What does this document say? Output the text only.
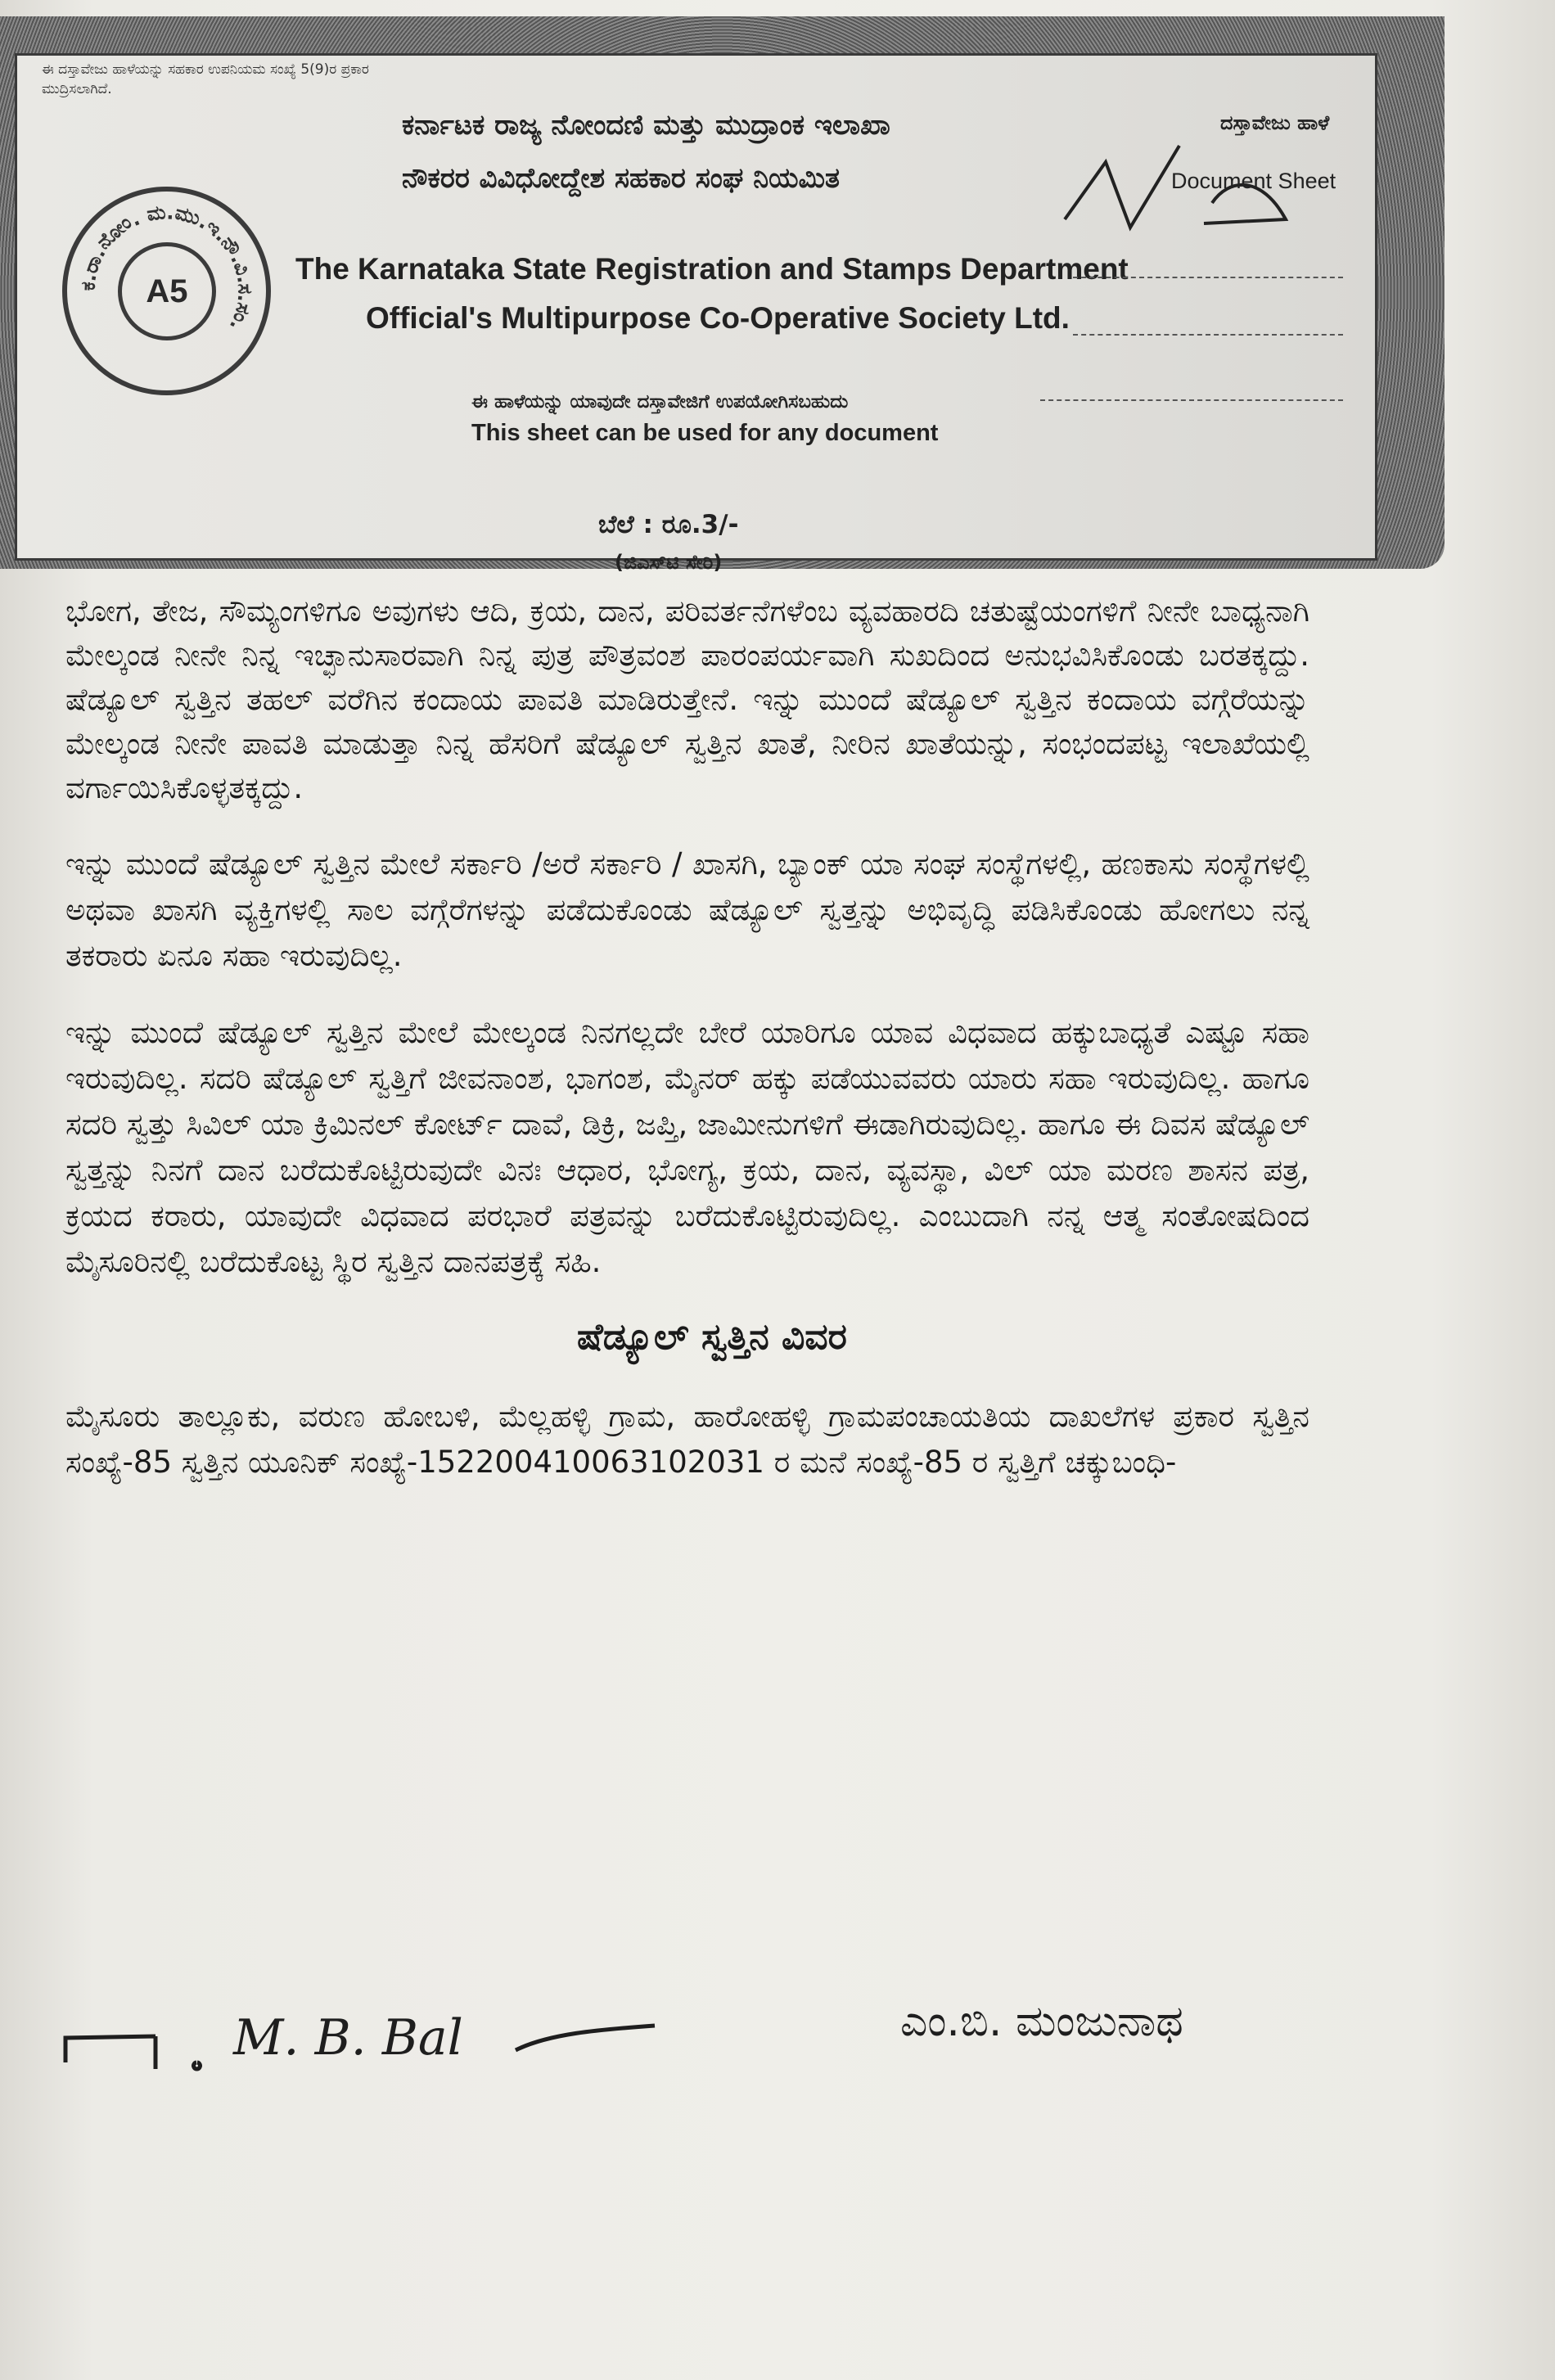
ಈ ದಸ್ತಾವೇಜು ಹಾಳೆಯನ್ನು ಸಹಕಾರ ಉಪನಿಯಮ ಸಂಖ್ಯೆ 5(9)ರ ಪ್ರಕಾರ ಮುದ್ರಿಸಲಾಗಿದೆ.
ಕ.ರಾ.ನೋಂ. ಮ.ಮು.ಇ.ನೌ.ವಿ.ಸ.ಸಂ.
A5
ಕರ್ನಾಟಕ ರಾಜ್ಯ ನೋಂದಣಿ ಮತ್ತು ಮುದ್ರಾಂಕ ಇಲಾಖಾ
ನೌಕರರ ವಿವಿಧೋದ್ದೇಶ ಸಹಕಾರ ಸಂಘ ನಿಯಮಿತ
The Karnataka State Registration and Stamps Department
Official's Multipurpose Co-Operative Society Ltd.
ಈ ಹಾಳೆಯನ್ನು ಯಾವುದೇ ದಸ್ತಾವೇಜಿಗೆ ಉಪಯೋಗಿಸಬಹುದು
This sheet can be used for any document
ಬೆಲೆ : ರೂ.3/-
(ಜಿಎಸ್‌ಟಿ ಸೇರಿ)
ದಸ್ತಾವೇಜು ಹಾಳೆ
Document Sheet

ಭೋಗ, ತೇಜ, ಸೌಮ್ಯಂಗಳಿಗೂ ಅವುಗಳು ಆದಿ, ಕ್ರಯ, ದಾನ, ಪರಿವರ್ತನೆಗಳೆಂಬ ವ್ಯವಹಾರದಿ ಚತುಷ್ಟೆಯಂಗಳಿಗೆ ನೀನೇ ಬಾಧ್ಯನಾಗಿ ಮೇಲ್ಕಂಡ ನೀನೇ ನಿನ್ನ ಇಚ್ಛಾನುಸಾರವಾಗಿ ನಿನ್ನ ಪುತ್ರ ಪೌತ್ರವಂಶ ಪಾರಂಪರ್ಯವಾಗಿ ಸುಖದಿಂದ ಅನುಭವಿಸಿಕೊಂಡು ಬರತಕ್ಕದ್ದು. ಷೆಡ್ಯೂಲ್ ಸ್ವತ್ತಿನ ತಹಲ್ ವರೆಗಿನ ಕಂದಾಯ ಪಾವತಿ ಮಾಡಿರುತ್ತೇನೆ. ಇನ್ನು ಮುಂದೆ ಷೆಡ್ಯೂಲ್ ಸ್ವತ್ತಿನ ಕಂದಾಯ ವಗ್ಗೆರೆಯನ್ನು ಮೇಲ್ಕಂಡ ನೀನೇ ಪಾವತಿ ಮಾಡುತ್ತಾ ನಿನ್ನ ಹೆಸರಿಗೆ ಷೆಡ್ಯೂಲ್ ಸ್ವತ್ತಿನ ಖಾತೆ, ನೀರಿನ ಖಾತೆಯನ್ನು, ಸಂಭಂದಪಟ್ಟ ಇಲಾಖೆಯಲ್ಲಿ ವರ್ಗಾಯಿಸಿಕೊಳ್ಳತಕ್ಕದ್ದು.

ಇನ್ನು ಮುಂದೆ ಷೆಡ್ಯೂಲ್ ಸ್ವತ್ತಿನ ಮೇಲೆ ಸರ್ಕಾರಿ /ಅರೆ ಸರ್ಕಾರಿ / ಖಾಸಗಿ, ಬ್ಯಾಂಕ್ ಯಾ ಸಂಘ ಸಂಸ್ಥೆಗಳಲ್ಲಿ, ಹಣಕಾಸು ಸಂಸ್ಥೆಗಳಲ್ಲಿ ಅಥವಾ ಖಾಸಗಿ ವ್ಯಕ್ತಿಗಳಲ್ಲಿ ಸಾಲ ವಗ್ಗೆರೆಗಳನ್ನು ಪಡೆದುಕೊಂಡು ಷೆಡ್ಯೂಲ್ ಸ್ವತ್ತನ್ನು ಅಭಿವೃದ್ಧಿ ಪಡಿಸಿಕೊಂಡು ಹೋಗಲು ನನ್ನ ತಕರಾರು ಏನೂ ಸಹಾ ಇರುವುದಿಲ್ಲ.

ಇನ್ನು ಮುಂದೆ ಷೆಡ್ಯೂಲ್ ಸ್ವತ್ತಿನ ಮೇಲೆ ಮೇಲ್ಕಂಡ ನಿನಗಲ್ಲದೇ ಬೇರೆ ಯಾರಿಗೂ ಯಾವ ವಿಧವಾದ ಹಕ್ಕುಬಾಧ್ಯತೆ ಎಷ್ಟೂ ಸಹಾ ಇರುವುದಿಲ್ಲ. ಸದರಿ ಷೆಡ್ಯೂಲ್ ಸ್ವತ್ತಿಗೆ ಜೀವನಾಂಶ, ಭಾಗಂಶ, ಮೈನರ್ ಹಕ್ಕು ಪಡೆಯುವವರು ಯಾರು ಸಹಾ ಇರುವುದಿಲ್ಲ. ಹಾಗೂ ಸದರಿ ಸ್ವತ್ತು ಸಿವಿಲ್ ಯಾ ಕ್ರಿಮಿನಲ್ ಕೋರ್ಟ್ ದಾವೆ, ಡಿಕ್ರಿ, ಜಪ್ತಿ, ಜಾಮೀನುಗಳಿಗೆ ಈಡಾಗಿರುವುದಿಲ್ಲ. ಹಾಗೂ ಈ ದಿವಸ ಷೆಡ್ಯೂಲ್ ಸ್ವತ್ತನ್ನು ನಿನಗೆ ದಾನ ಬರೆದುಕೊಟ್ಟಿರುವುದೇ ವಿನಃ ಆಧಾರ, ಭೋಗ್ಯ, ಕ್ರಯ, ದಾನ, ವ್ಯವಸ್ಥಾ, ವಿಲ್ ಯಾ ಮರಣ ಶಾಸನ ಪತ್ರ, ಕ್ರಯದ ಕರಾರು, ಯಾವುದೇ ವಿಧವಾದ ಪರಭಾರೆ ಪತ್ರವನ್ನು ಬರೆದುಕೊಟ್ಟಿರುವುದಿಲ್ಲ. ಎಂಬುದಾಗಿ ನನ್ನ ಆತ್ಮ ಸಂತೋಷದಿಂದ ಮೈಸೂರಿನಲ್ಲಿ ಬರೆದುಕೊಟ್ಟ ಸ್ಥಿರ ಸ್ವತ್ತಿನ ದಾನಪತ್ರಕ್ಕೆ ಸಹಿ.

ಷೆಡ್ಯೂಲ್ ಸ್ವತ್ತಿನ ವಿವರ

ಮೈಸೂರು ತಾಲ್ಲೂಕು, ವರುಣ ಹೋಬಳಿ, ಮೆಲ್ಲಹಳ್ಳಿ ಗ್ರಾಮ, ಹಾರೋಹಳ್ಳಿ ಗ್ರಾಮಪಂಚಾಯತಿಯ ದಾಖಲೆಗಳ ಪ್ರಕಾರ ಸ್ವತ್ತಿನ ಸಂಖ್ಯೆ-85 ಸ್ವತ್ತಿನ ಯೂನಿಕ್ ಸಂಖ್ಯೆ-152200410063102031 ರ ಮನೆ ಸಂಖ್ಯೆ-85 ರ ಸ್ವತ್ತಿಗೆ ಚಕ್ಕುಬಂಧಿ-

M. B. Bal	ಎಂ.ಬಿ. ಮಂಜುನಾಥ
